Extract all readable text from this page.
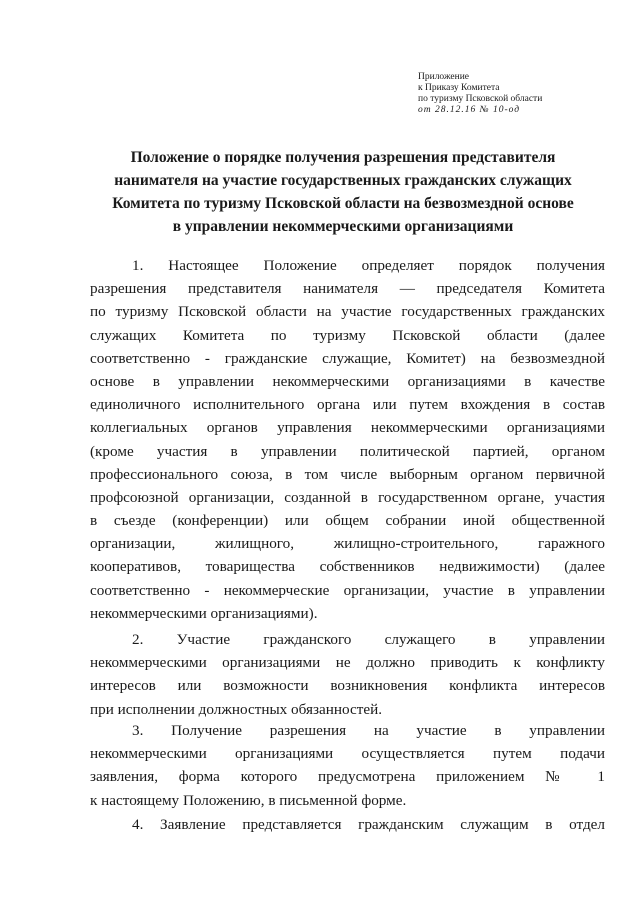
Приложение
к Приказу Комитета
по туризму Псковской области
от 28.12.16 № 10-од
Положение о порядке получения разрешения представителя
нанимателя на участие государственных гражданских служащих
Комитета по туризму Псковской области на безвозмездной основе
в управлении некоммерческими организациями
1. Настоящее Положение определяет порядок получения
разрешения представителя нанимателя — председателя Комитета
по туризму Псковской области на участие государственных гражданских
служащих Комитета по туризму Псковской области (далее
соответственно - гражданские служащие, Комитет) на безвозмездной
основе в управлении некоммерческими организациями в качестве
единоличного исполнительного органа или путем вхождения в состав
коллегиальных органов управления некоммерческими организациями
(кроме участия в управлении политической партией, органом
профессионального союза, в том числе выборным органом первичной
профсоюзной организации, созданной в государственном органе, участия
в съезде (конференции) или общем собрании иной общественной
организации, жилищного, жилищно-строительного, гаражного
кооперативов, товарищества собственников недвижимости) (далее
соответственно - некоммерческие организации, участие в управлении
некоммерческими организациями).
2. Участие гражданского служащего в управлении
некоммерческими организациями не должно приводить к конфликту
интересов или возможности возникновения конфликта интересов
при исполнении должностных обязанностей.
3. Получение разрешения на участие в управлении
некоммерческими организациями осуществляется путем подачи
заявления, форма которого предусмотрена приложением № 1
к настоящему Положению, в письменной форме.
4. Заявление представляется гражданским служащим в отдел
